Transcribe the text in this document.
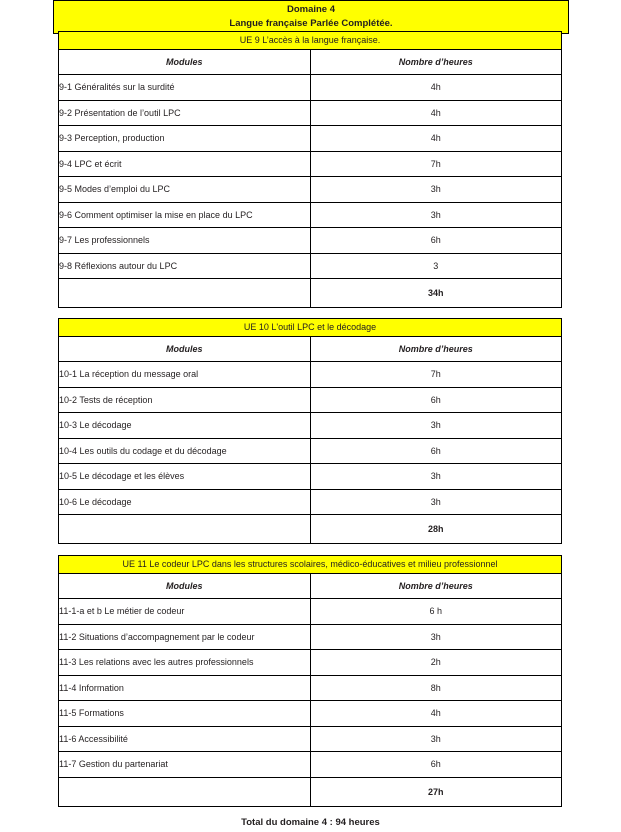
Domaine 4
Langue française Parlée Complétée.
UE 9 L’accès à la langue française.	
Modules	Nombre d’heures
9-1 Généralités sur la surdité	4h
9-2 Présentation de l’outil LPC	4h
9-3 Perception, production	4h
9-4 LPC et écrit	7h
9-5 Modes d’emploi du LPC	3h
9-6 Comment optimiser la mise en place du LPC	3h
9-7 Les professionnels	6h
9-8 Réflexions autour du LPC	3
	34h
UE 10 L'outil LPC et le décodage	
Modules	Nombre d’heures
10-1 La réception du message oral	7h
10-2 Tests de réception	6h
10-3 Le décodage	3h
10-4 Les outils du codage et du décodage	6h
10-5 Le décodage et les élèves	3h
10-6 Le décodage	3h
	28h
UE 11 Le codeur LPC dans les structures scolaires, médico-éducatives et milieu professionnel	
Modules	Nombre d’heures
11-1-a et b Le métier de codeur	6 h
11-2 Situations d’accompagnement par le codeur	3h
11-3 Les relations avec les autres professionnels	2h
11-4 Information	8h
11-5 Formations	4h
11-6 Accessibilité	3h
11-7 Gestion du partenariat	6h
	27h
Total du domaine 4 : 94 heures
